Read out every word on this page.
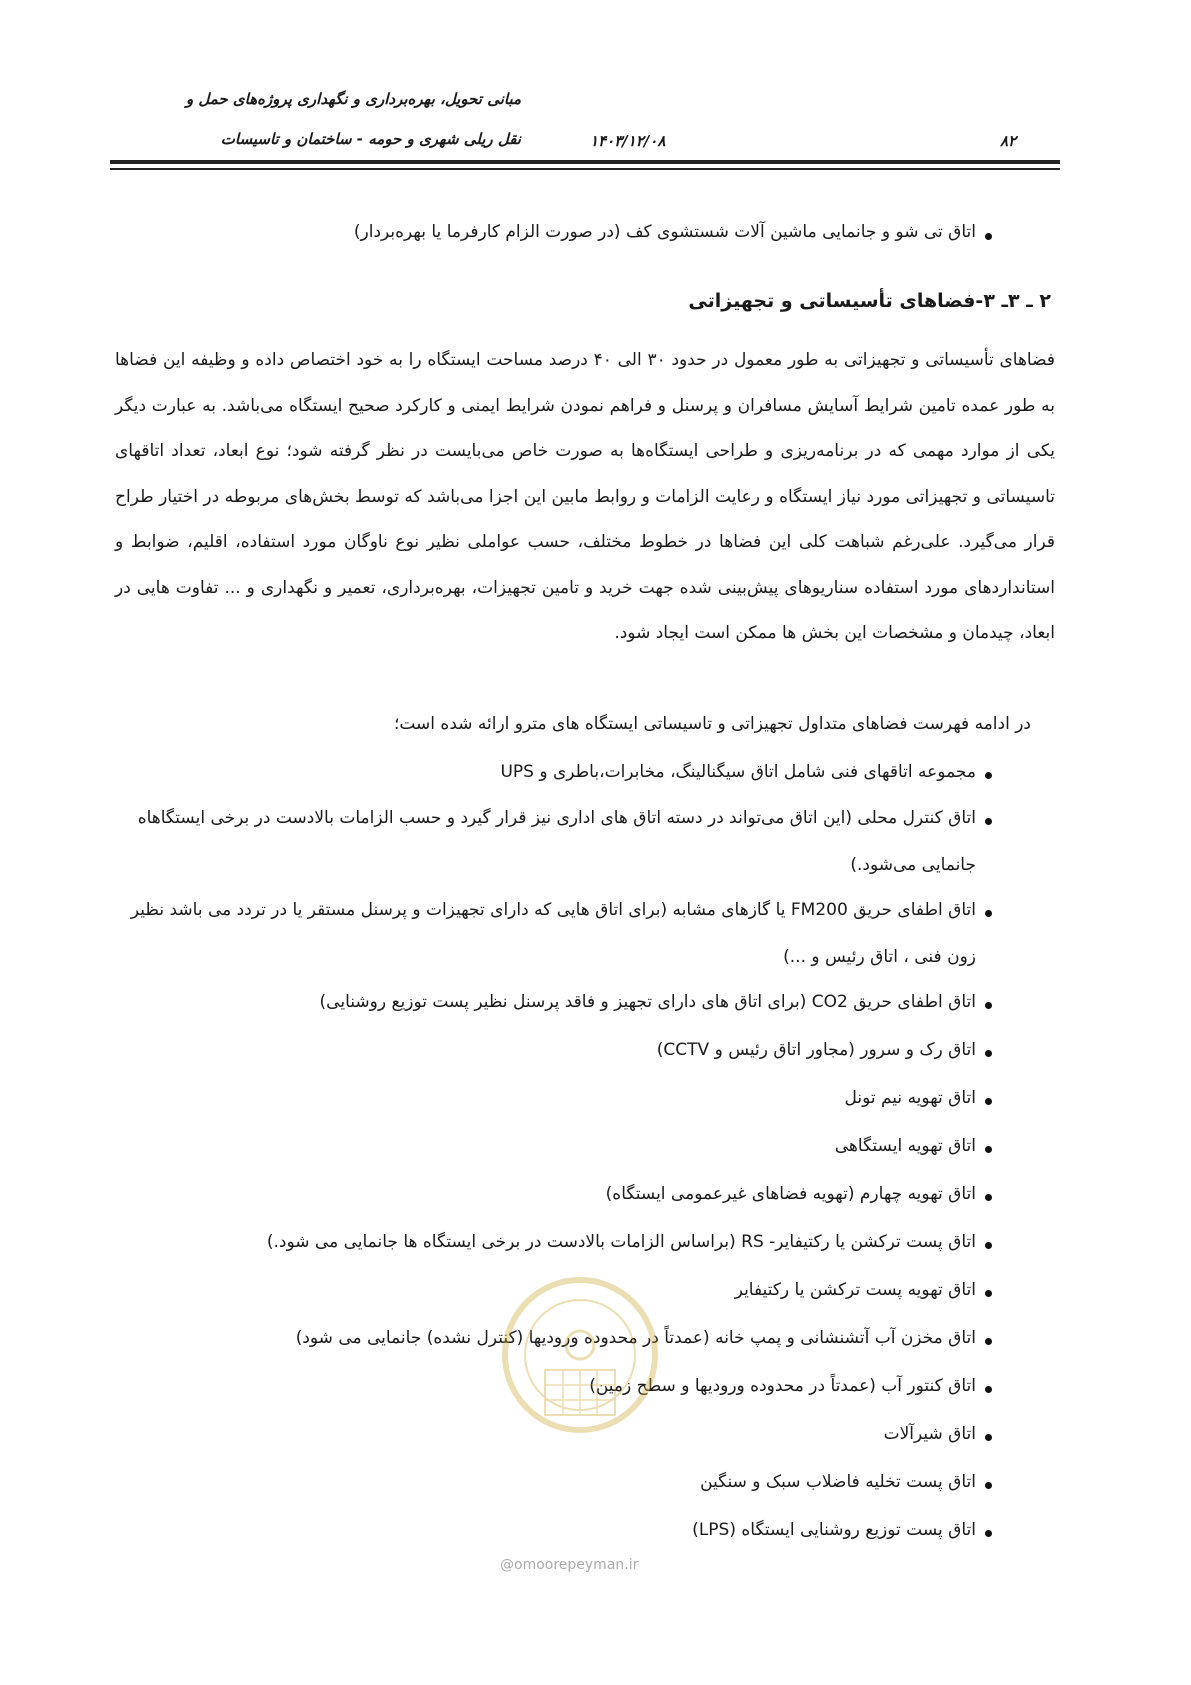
مبانی تحویل، بهره‌برداری و نگهداری پروژه‌های حمل و
نقل ریلی شهری و حومه - ساختمان و تاسیسات	۱۴۰۳/۱۲/۰۸	۸۲
اتاق تی شو و جانمایی ماشین آلات شستشوی کف (در صورت الزام کارفرما یا بهره‌بردار)
۲ ـ ۳ـ ۳-فضاهای تأسیساتی و تجهیزاتی
فضاهای تأسیساتی و تجهیزاتی به طور معمول در حدود ۳۰ الی ۴۰ درصد مساحت ایستگاه را به خود اختصاص داده و وظیفه این فضاها به طور عمده تامین شرایط آسایش مسافران و پرسنل و فراهم نمودن شرایط ایمنی و کارکرد صحیح ایستگاه می‌باشد. به عبارت دیگر یکی از موارد مهمی که در برنامه‌ریزی و طراحی ایستگاه‌ها به صورت خاص می‌بایست در نظر گرفته شود؛ نوع ابعاد، تعداد اتاقهای تاسیساتی و تجهیزاتی مورد نیاز ایستگاه و رعایت الزامات و روابط مابین این اجزا می‌باشد که توسط بخش‌های مربوطه در اختیار طراح قرار می‌گیرد. علی‌رغم شباهت کلی این فضاها در خطوط مختلف، حسب عواملی نظیر نوع ناوگان مورد استفاده، اقلیم، ضوابط و استانداردهای مورد استفاده سناریوهای پیش‌بینی شده جهت خرید و تامین تجهیزات، بهره‌برداری، تعمیر و نگهداری و ... تفاوت هایی در ابعاد، چیدمان و مشخصات این بخش ها ممکن است ایجاد شود.
در ادامه فهرست فضاهای متداول تجهیزاتی و تاسیساتی ایستگاه های مترو ارائه شده است؛
مجموعه اتاقهای فنی شامل اتاق سیگنالینگ، مخابرات،باطری و UPS
اتاق کنترل محلی (این اتاق می‌تواند در دسته اتاق های اداری نیز قرار گیرد و حسب الزامات بالادست در برخی ایستگاهاه جانمایی می‌شود.)
اتاق اطفای حریق FM200 یا گازهای مشابه (برای اتاق هایی که دارای تجهیزات و پرسنل مستقر یا در تردد می باشد نظیر زون فنی ، اتاق رئیس و ...)
اتاق اطفای حریق CO2 (برای اتاق های دارای تجهیز و فاقد پرسنل نظیر پست توزیع روشنایی)
اتاق رک و سرور (مجاور اتاق رئیس و CCTV)
اتاق تهویه نیم تونل
اتاق تهویه ایستگاهی
اتاق تهویه چهارم (تهویه فضاهای غیرعمومی ایستگاه)
اتاق پست ترکشن یا رکتیفایر- RS (براساس الزامات بالادست در برخی ایستگاه ها جانمایی می شود.)
اتاق تهویه پست ترکشن یا رکتیفایر
اتاق مخزن آب آتشنشانی و پمپ خانه (عمدتاً در محدوده ورودیها (کنترل نشده) جانمایی می شود)
اتاق کنتور آب (عمدتاً در محدوده ورودیها و سطح زمین)
اتاق شیرآلات
اتاق پست تخلیه فاضلاب سبک و سنگین
اتاق پست توزیع روشنایی ایستگاه (LPS)
@omoorepeyman.ir
